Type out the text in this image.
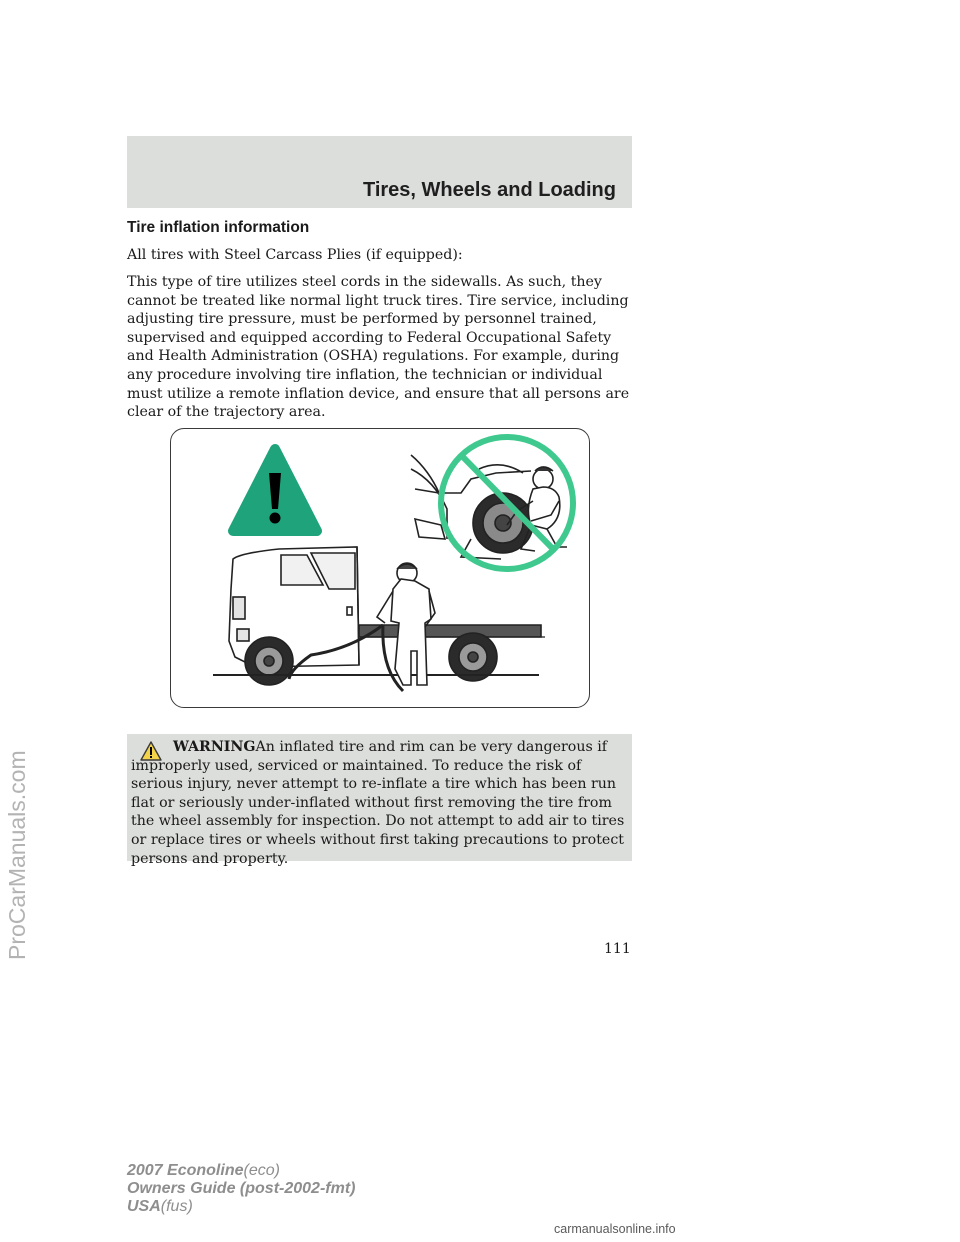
Tires, Wheels and Loading
Tire inflation information

All tires with Steel Carcass Plies (if equipped):

This type of tire utilizes steel cords in the sidewalls. As such, they cannot be treated like normal light truck tires. Tire service, including adjusting tire pressure, must be performed by personnel trained, supervised and equipped according to Federal Occupational Safety and Health Administration (OSHA) regulations. For example, during any procedure involving tire inflation, the technician or individual must utilize a remote inflation device, and ensure that all persons are clear of the trajectory area.

WARNINGAn inflated tire and rim can be very dangerous if improperly used, serviced or maintained. To reduce the risk of serious injury, never attempt to re-inflate a tire which has been run flat or seriously under-inflated without first removing the tire from the wheel assembly for inspection. Do not attempt to add air to tires or replace tires or wheels without first taking precautions to protect persons and property.

111
2007 Econoline(eco)
Owners Guide (post-2002-fmt)
USA(fus)
ProCarManuals.com
carmanualsonline.info
